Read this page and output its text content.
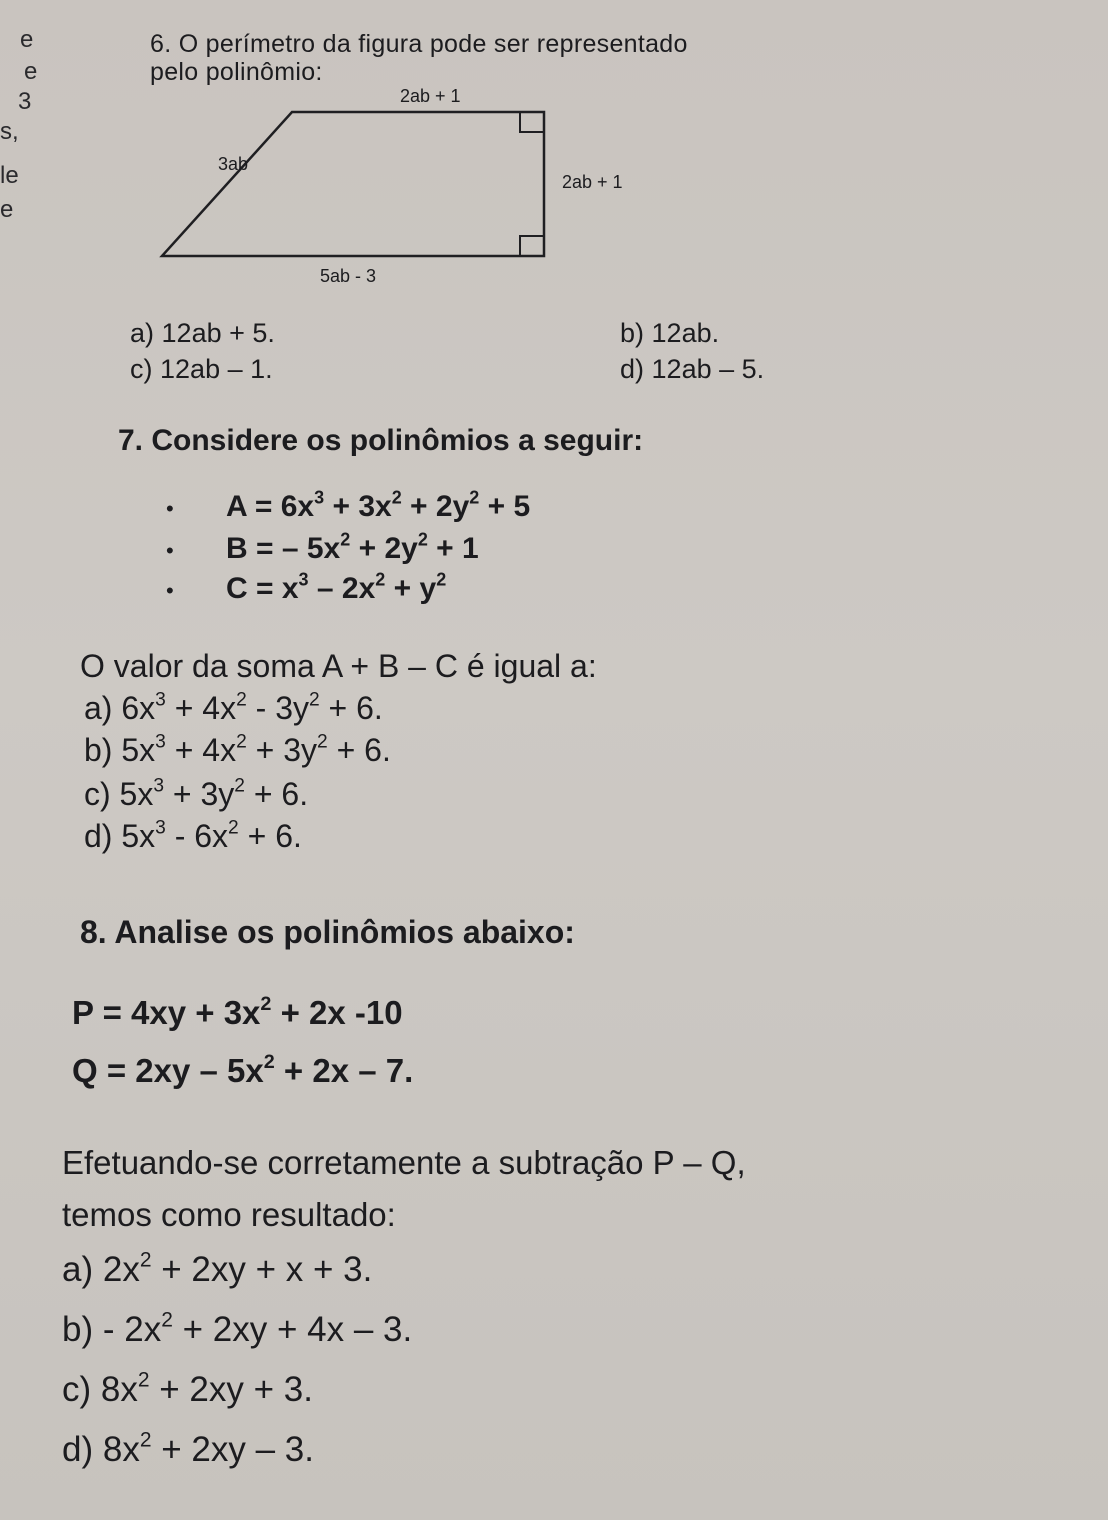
e
e
3
s,
le
e
6. O perímetro da figura pode ser representado
pelo polinômio:
2ab + 1
3ab
2ab + 1
5ab - 3
a) 12ab + 5.	b) 12ab.
c) 12ab – 1.	d) 12ab – 5.
7. Considere os polinômios a seguir:
• $A = 6x^3 + 3x^2 + 2y^2 + 5$
• B = – $5x^2 + 2y^2 + 1$
• $C = x^3 - 2x^2 + y^2$
O valor da soma A + B – C é igual a:
a) $6x^3 + 4x^2 - 3y^2 + 6$.
b) $5x^3 + 4x^2 + 3y^2 + 6$.
c) $5x^3 + 3y^2 + 6$.
d) $5x^3 - 6x^2 + 6$.
8. Analise os polinômios abaixo:
$P = 4xy + 3x^2 + 2x$ -10
$Q = 2xy - 5x^2 + 2x - 7$.
Efetuando-se corretamente a subtração P – Q,
temos como resultado:
a) $2x^2 + 2xy + x + 3$.
$b) - 2x^2 + 2xy + 4x - 3$.
c) $8x^2 + 2xy + 3$.
d) $8x^2 + 2xy - 3$.
